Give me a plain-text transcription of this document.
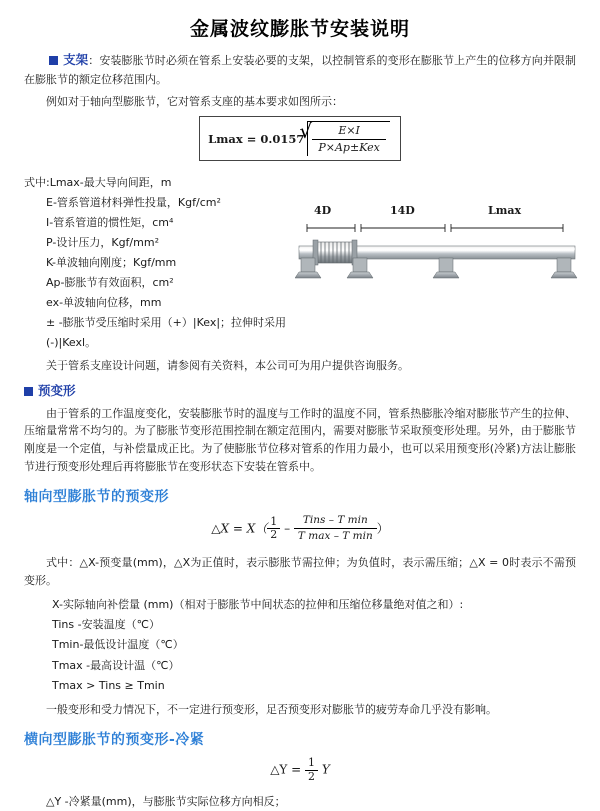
金属波纹膨胀节安装说明

支架：安装膨胀节时必须在管系上安装必要的支架，以控制管系的变形在膨胀节上产生的位移方向并限制在膨胀节的额定位移范围内。

例如对于轴向型膨胀节，它对管系支座的基本要求如图所示：

Lmax = 0.0157 √ $\frac{E\times I}{\text{P×Ap±Kex}}$
式中:Lmax-最大导向间距，m
E-管系管道材料弹性投量，Kgf/cm²
I-管系管道的惯性矩，cm⁴
P-设计压力，Kgf/mm²
K-单波轴向刚度；Kgf/mm
Ap-膨胀节有效面积，cm²
ex-单波轴向位移，mm
± -膨胀节受压缩时采用（+）|Kex|；拉伸时采用(-)|Kexl。

关于管系支座设计问题，请参阅有关资料，本公司可为用户提供咨询服务。

预变形

由于管系的工作温度变化，安装膨胀节时的温度与工作时的温度不同，管系热膨胀冷缩对膨胀节产生的拉伸、压缩量常常不均匀的。为了膨胀节变形范围控制在额定范围内，需要对膨胀节采取预变形处理。另外，由于膨胀节刚度是一个定值，与补偿量成正比。为了使膨胀节位移对管系的作用力最小，也可以采用预变形(冷紧)方法让膨胀节进行预变形处理后再将膨胀节在变形状态下安装在管系中。

轴向型膨胀节的预变形
△X = $X( \frac{1}{2} - \frac{\text{Tins – T min}}{\text{T max – T min}}$ ）

式中：△X-预变量(mm)，△X为正值时，表示膨胀节需拉伸；为负值时，表示需压缩；△X = 0时表示不需预变形。

X-实际轴向补偿量 (mm)（相对于膨胀节中间状态的拉伸和压缩位移量绝对值之和）:
Tins -安装温度（℃）
Tmin-最低设计温度（℃）
Tmax -最高设计温（℃）
Tmax > Tins ≥ Tmin

一般变形和受力情况下，不一定进行预变形，足否预变形对膨胀节的疲劳寿命几乎没有影响。

横向型膨胀节的预变形-冷紧
△Y = $\frac{1}{2}$ Y

△Y -冷紧量(mm)，与膨胀节实际位移方向相反；

4D	14D	Lmax
